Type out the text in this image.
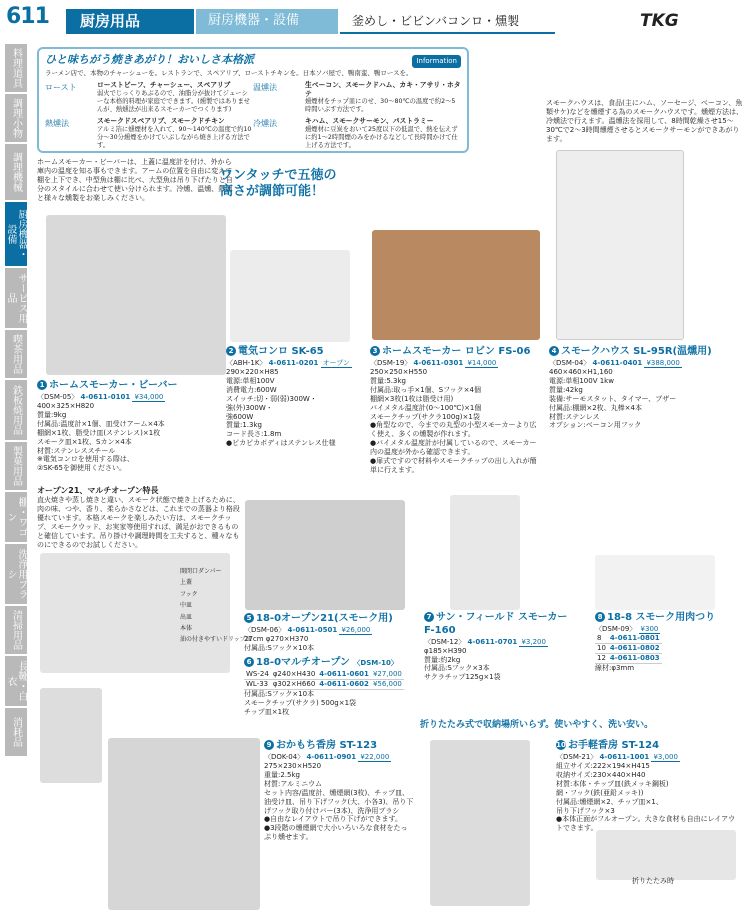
611	厨房用品	厨房機器・設備	釜めし・ビビンバコンロ・燻製	TKG
料理道具
調理小物
調理機械
厨房機器・設備
サービス用品
喫茶用品
鉄板焼用品
製菓用品
棚・ワゴン
洗浄用ブラシ
清掃用品
長靴・白衣
消耗品
ひと味ちがう焼きあがり！おいしさ本格派	Information
ラーメン店で、本物のチャーシューを。レストランで、スペアリブ、ローストチキンを。日本ソバ屋で、鴨南蛮、鴨ロースを。
ロースト	ローストビーフ、チャーシュー、スペアリブ
弱火でじっくりあぶるので、油脂分が抜けてジューシーな本格的料理が家庭でできます。(燻製ではありませんが、熱燻法が出来るスモーカーでつくります)
温燻法	生ベーコン、スモークドハム、カキ・アサリ・ホタテ
燻煙材をチップ皿にのせ、30〜80℃の温度で約2〜5時間いぶす方法です。
熱燻法	スモークドスペアリブ、スモークドチキン
アルミ箔に燻煙材を入れて、90〜140℃の温度で約10分〜30分燻煙をかけていぶしながら焼き上げる方法です。
冷燻法	キハム、スモークサーモン、パストラミー
燻煙材に豆炭をおいて25度以下の低温で、熱を伝えずに約1〜2時間煙のみをかけるなどして長時間かけて仕上げる方法です。
スモークハウスは、食品(主にハム、ソーセージ、ベーコン、魚類サケ)などを燻煙する為のスモークハウスです。燻煙方法は、冷燻法で行えます。温燻法を採用して、8時間乾燥させ15〜30℃で2〜3時間燻煙させるとスモークサーモンができあがります。
ホームスモーカー・ビーバーは、上蓋に温度計を付け、外から庫内の温度を知る事もできます。アームの位置を自由に変えて棚を上下でき、中型魚は棚に比べ、大型魚は吊り下げたりと自分のスタイルに合わせて使い分けられます。冷燻、温燻、熱燻と様々な燻製をお楽しみください。
ワンタッチで五徳の高さが調節可能！
1 ホームスモーカー・ビーバー
〈DSM-05〉 4-0611-0101 ¥34,000
400×325×H820
質量:9kg
付属品:温度計×1個、皿受けアーム×4本
棚網×1枚、脂受け皿(ステンレス)×1枚
スモーク皿×1枚、Sカン×4本
材質:ステンレススチール
※電気コンロを使用する際は、
②SK-65を御使用ください。
2 電気コンロ SK-65
〈ABH-1K〉 4-0611-0201 オープン
290×220×H85
電源:単相100V
消費電力:600W
スイッチ:切・弱(弱)300W・
強(外)300W・
強600W
質量:1.3kg
コード長さ:1.8m
●ピカピカボディはステンレス仕様
3 ホームスモーカー ロビン FS-06
〈DSM-19〉 4-0611-0301 ¥14,000
250×250×H550
質量:5.3kg
付属品:取っ手×1個、Sフック×4個
棚網×3枚(1枚は脂受け用)
バイメタル温度計(0〜100℃)×1個
スモークチップ(サクラ100g)×1袋
●角型なので、今までの丸型の小型スモーカーより広く使え、多くの燻製が作れます。
●バイメタル温度計が付属しているので、スモーカー内の温度が外から確認できます。
●扉式ですので材料やスモークチップの出し入れが簡単に行えます。
4 スモークハウス SL-95R(温燻用)
〈DSM-04〉 4-0611-0401 ¥388,000
460×460×H1,160
電源:単相100V 1kw
質量:42kg
装備:サーモスタット、タイマー、ブザー
付属品:棚網×2枚、丸棒×4本
材質:ステンレス
オプション:ベーコン用フック
オープン21、マルチオープン特長
直火焼きや蒸し焼きと違い、スモーク状態で焼き上げるために、肉の味、つや、香り、柔らかさなどは、これまでの蒸器より格段優れています。本格スモークを楽しみたい方は、スモークチップ、スモークウッド、お実家等使用すれば、満足がおできるものと確信しています。吊り掛けや調理時間を工夫すると、種々なものにできるのでお試しください。
開閉口ダンパー
上蓋
フック
中皿
出皿
本体
油の付きやすいドリップ皿
5 18-0オープン21(スモーク用)
〈DSM-06〉 4-0611-0501 ¥26,000
27cm φ270×H370
付属品:Sフック×10本
6 18-0マルチオープン 〈DSM-10〉
WS-24	φ240×H430	4-0611-0601	¥27,000
WL-33	φ302×H660	4-0611-0602	¥56,000
付属品:Sフック×10本
スモークチップ(サクラ) 500g×1袋
チップ皿×1枚
7 サン・フィールド スモーカーF-160
〈DSM-12〉 4-0611-0701 ¥3,200
φ185×H390
質量:約2kg
付属品:Sフック×3本
サクラチップ125g×1袋
8 18-8 スモーク用肉つり
〈DSM-09〉 ¥300
8	4-0611-0801
10	4-0611-0802
12	4-0611-0803
線材:φ3mm
9 おかもち香房 ST-123
〈DOK-04〉 4-0611-0901 ¥22,000
275×230×H520
重量:2.5kg
材質:アルミニウム
セット内容/温度計、燻煙網(3枚)、チップ皿、油受け皿、吊り下げフック(大、小各3)、吊り下げフック取り付けバー(3本)、洗浄用ブラシ
●自由なレイアウトで吊り下げができます。
●3段階の燻煙網で大小いろいろな食材をたっぷり燻せます。
折りたたみ式で収納場所いらず。使いやすく、洗い安い。
10 お手軽香房 ST-124
〈DSM-21〉 4-0611-1001 ¥3,000
組立サイズ:222×194×H415
収納サイズ:230×440×H40
材質:本体・チップ皿(鉄メッキ鋼板)
網・フック(鉄(亜鉛メッキ))
付属品:燻煙網×2、チップ皿×1、
吊り下げフック×3
●本体正面がフルオープン。大きな食材も自由にレイアウトできます。
折りたたみ時
